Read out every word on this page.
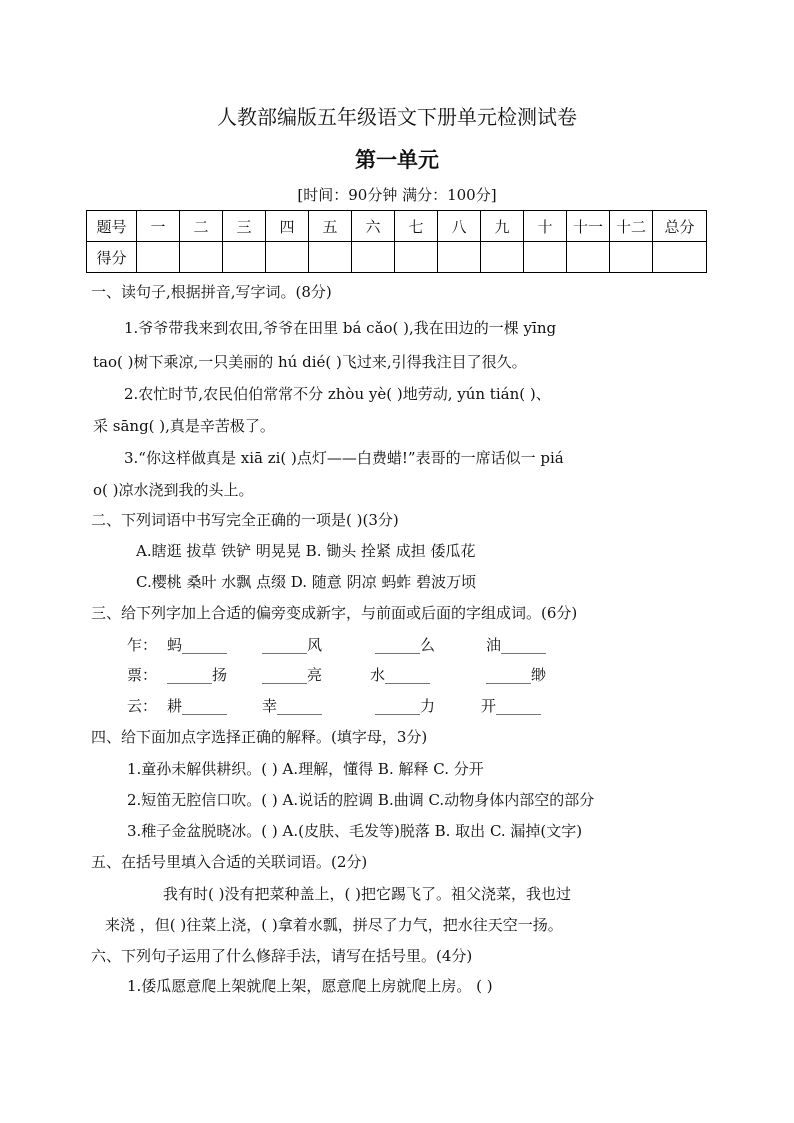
人教部编版五年级语文下册单元检测试卷
第一单元
[时间：90分钟 满分：100分]
题号	一	二	三	四	五	六	七	八	九	十	十一	十二	总分
得分													
一、读句子,根据拼音,写字词。(8分)
1.爷爷带我来到农田,爷爷在田里 bá cǎo( ),我在田边的一棵 yīng
tao( )树下乘凉,一只美丽的 hú dié( )飞过来,引得我注目了很久。
2.农忙时节,农民伯伯常常不分 zhòu yè( )地劳动, yún tián( )、
采 sāng( ),真是辛苦极了。
3.“你这样做真是 xiā zi( )点灯——白费蜡!”表哥的一席话似一 piá
o( )凉水浇到我的头上。
二、下列词语中书写完全正确的一项是( )(3分)
A.瞎逛 拔草 铁铲 明晃晃 B. 锄头 拴紧 成担 倭瓜花
C.樱桃 桑叶 水飘 点缀 D. 随意 阴凉 蚂蚱 碧波万顷
三、给下列字加上合适的偏旁变成新字，与前面或后面的字组成词。(6分)
乍： 蚂______ ______风	______么	油______
票： ______扬 ______亮	水______	______缈
云： 耕______ 幸______	______力	开______
四、给下面加点字选择正确的解释。(填字母，3分)
1.童孙未解供耕织。( ) A.理解，懂得 B. 解释 C. 分开
2.短笛无腔信口吹。( ) A.说话的腔调 B.曲调 C.动物身体内部空的部分
3.稚子金盆脱晓冰。( ) A.(皮肤、毛发等)脱落 B. 取出 C. 漏掉(文字)
五、在括号里填入合适的关联词语。(2分)
我有时( )没有把菜种盖上，( )把它踢飞了。祖父浇菜，我也过
来浇 ，但( )往菜上浇，( )拿着水瓢，拼尽了力气，把水往天空一扬。
六、下列句子运用了什么修辞手法，请写在括号里。(4分)
1.倭瓜愿意爬上架就爬上架，愿意爬上房就爬上房。 ( )
